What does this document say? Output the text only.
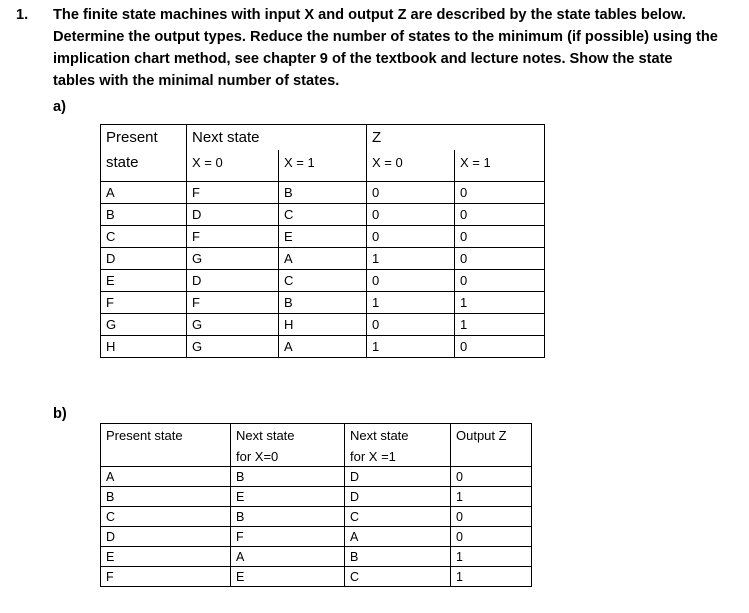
1. The finite state machines with input X and output Z are described by the state tables below.
Determine the output types. Reduce the number of states to the minimum (if possible) using the
implication chart method, see chapter 9 of the textbook and lecture notes. Show the state
tables with the minimal number of states.
a)
Present	Next state		Z	
state	X = 0	X = 1	X = 0	X = 1

A	F	B	0	0
B	D	C	0	0
C	F	E	0	0
D	G	A	1	0
E	D	C	0	0
F	F	B	1	1
G	G	H	0	1
H	G	A	1	0
b)
Present state	Next state	Next state	Output Z
	for X=0	for X =1	
A	B	D	0
B	E	D	1
C	B	C	0
D	F	A	0
E	A	B	1
F	E	C	1
